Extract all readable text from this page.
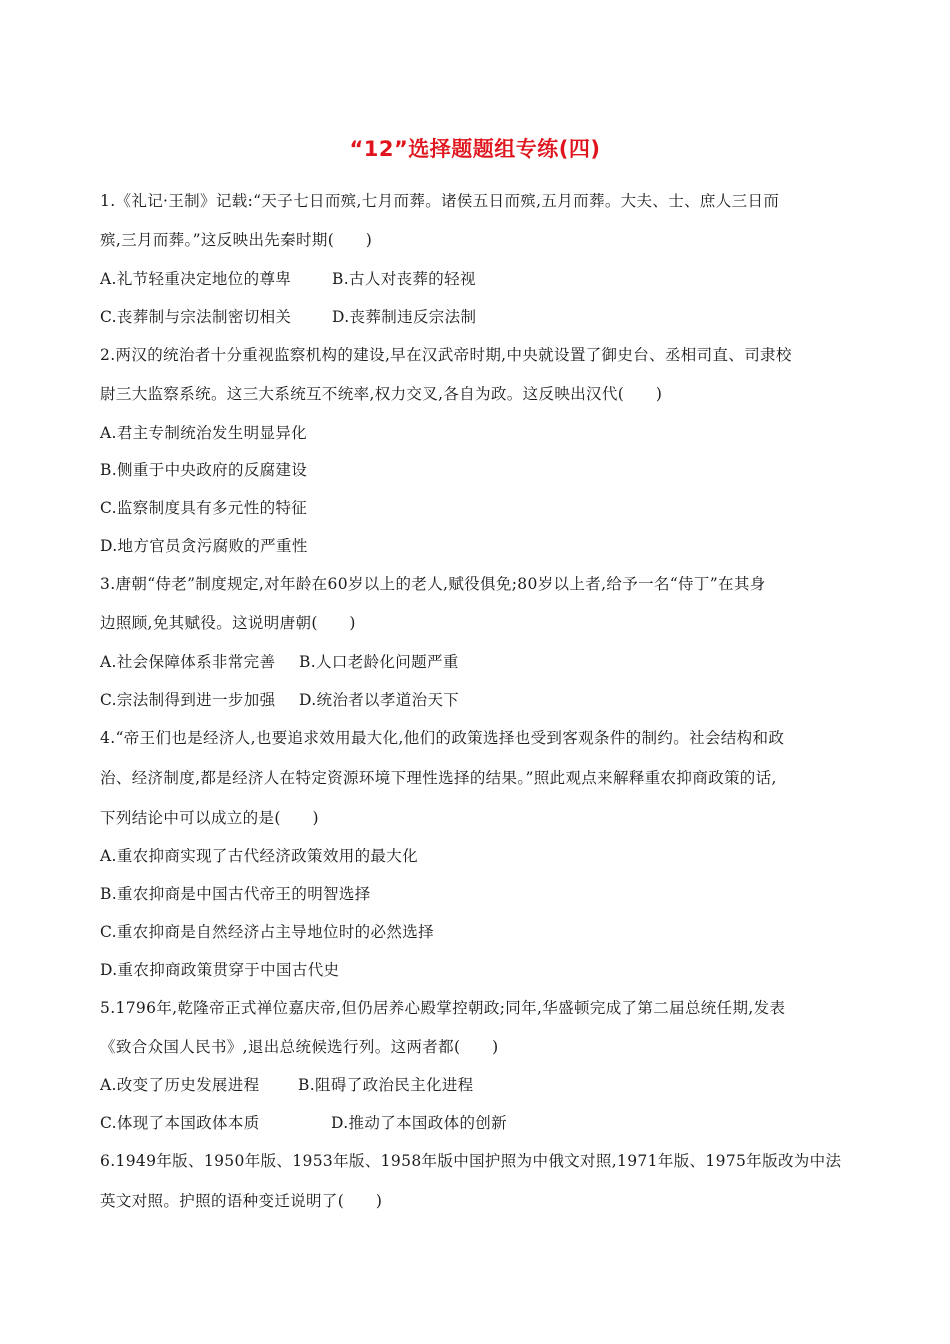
“12”选择题题组专练(四)
1.《礼记·王制》记载:“天子七日而殡,七月而葬。诸侯五日而殡,五月而葬。大夫、士、庶人三日而
殡,三月而葬。”这反映出先秦时期(　　)
A.礼节轻重决定地位的尊卑	B.古人对丧葬的轻视
C.丧葬制与宗法制密切相关	D.丧葬制违反宗法制
2.两汉的统治者十分重视监察机构的建设,早在汉武帝时期,中央就设置了御史台、丞相司直、司隶校
尉三大监察系统。这三大系统互不统率,权力交叉,各自为政。这反映出汉代(　　)
A.君主专制统治发生明显异化
B.侧重于中央政府的反腐建设
C.监察制度具有多元性的特征
D.地方官员贪污腐败的严重性
3.唐朝“侍老”制度规定,对年龄在60岁以上的老人,赋役俱免;80岁以上者,给予一名“侍丁”在其身
边照顾,免其赋役。这说明唐朝(　　)
A.社会保障体系非常完善 B.人口老龄化问题严重
C.宗法制得到进一步加强 D.统治者以孝道治天下
4.“帝王们也是经济人,也要追求效用最大化,他们的政策选择也受到客观条件的制约。社会结构和政
治、经济制度,都是经济人在特定资源环境下理性选择的结果。”照此观点来解释重农抑商政策的话,
下列结论中可以成立的是(　　)
A.重农抑商实现了古代经济政策效用的最大化
B.重农抑商是中国古代帝王的明智选择
C.重农抑商是自然经济占主导地位时的必然选择
D.重农抑商政策贯穿于中国古代史
5.1796年,乾隆帝正式禅位嘉庆帝,但仍居养心殿掌控朝政;同年,华盛顿完成了第二届总统任期,发表
《致合众国人民书》,退出总统候选行列。这两者都(　　)
A.改变了历史发展进程 B.阻碍了政治民主化进程
C.体现了本国政体本质	D.推动了本国政体的创新
6.1949年版、1950年版、1953年版、1958年版中国护照为中俄文对照,1971年版、1975年版改为中法
英文对照。护照的语种变迁说明了(　　)
